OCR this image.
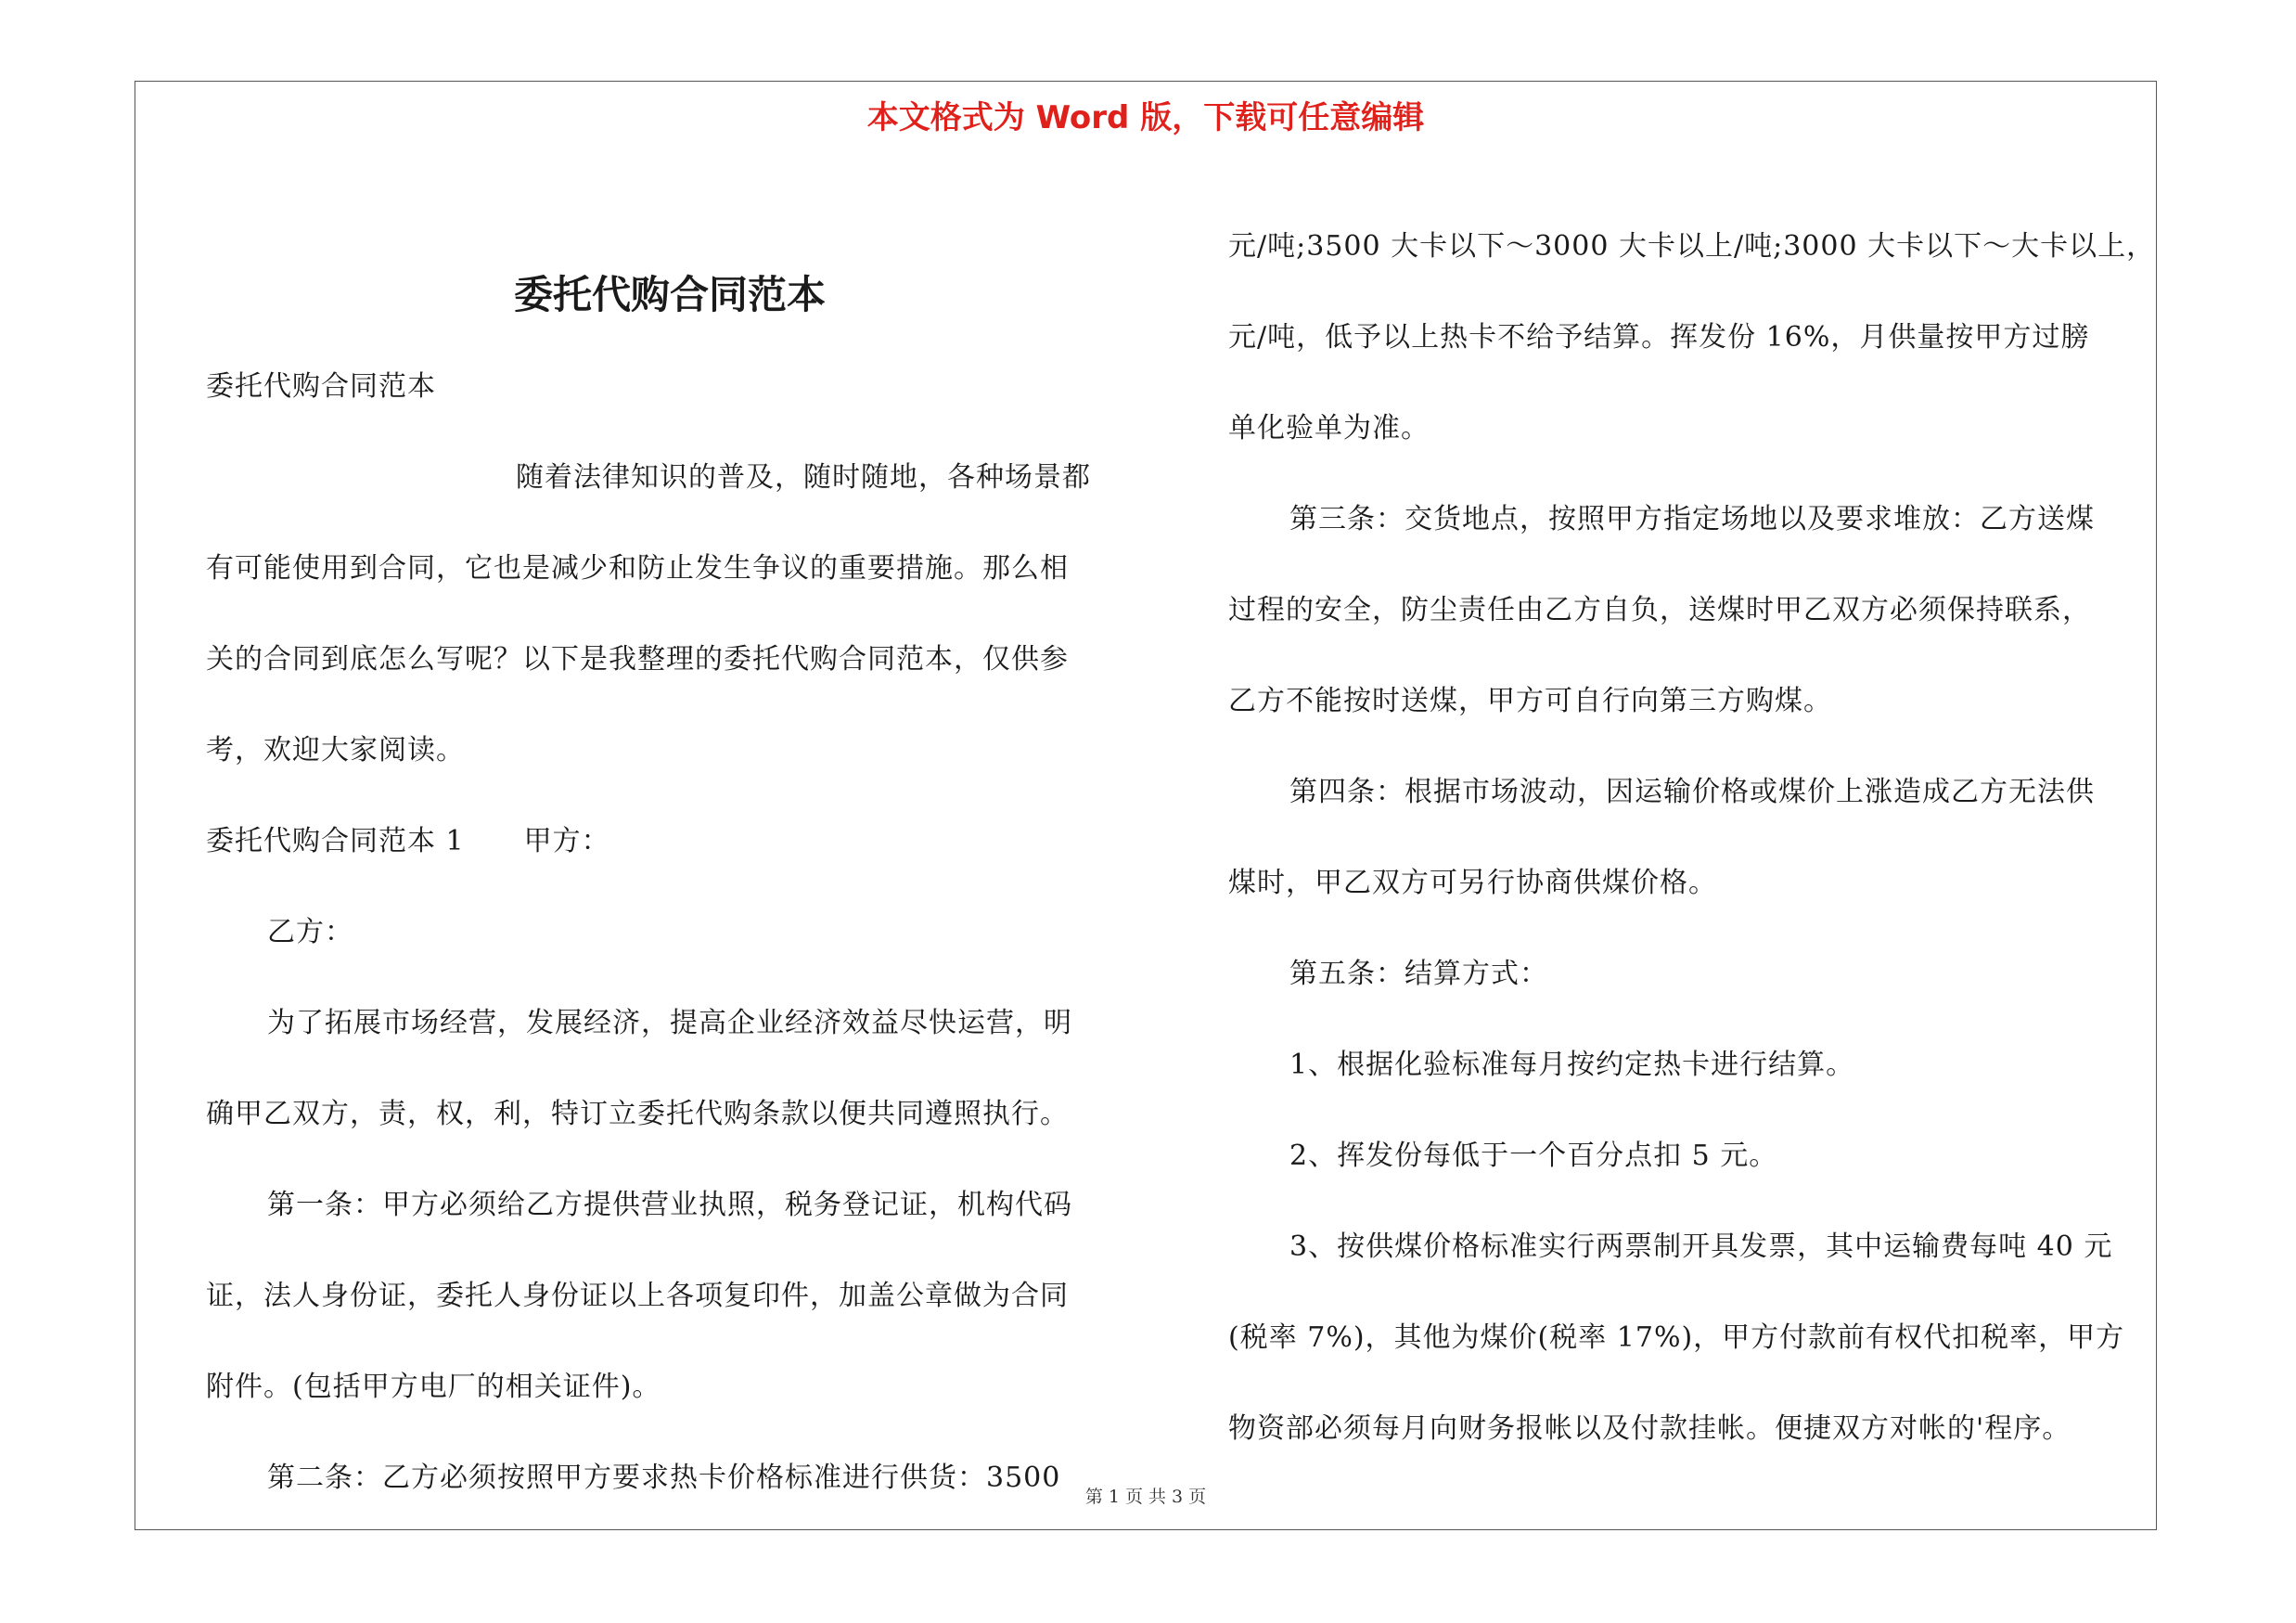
本文格式为 Word 版，下载可任意编辑
委托代购合同范本
委托代购合同范本
随着法律知识的普及，随时随地，各种场景都
有可能使用到合同，它也是减少和防止发生争议的重要措施。那么相
关的合同到底怎么写呢？以下是我整理的委托代购合同范本，仅供参
考，欢迎大家阅读。
委托代购合同范本 1 甲方：
乙方：
为了拓展市场经营，发展经济，提高企业经济效益尽快运营，明
确甲乙双方，责，权，利，特订立委托代购条款以便共同遵照执行。
第一条：甲方必须给乙方提供营业执照，税务登记证，机构代码
证，法人身份证，委托人身份证以上各项复印件，加盖公章做为合同
附件。(包括甲方电厂的相关证件)。
第二条：乙方必须按照甲方要求热卡价格标准进行供货：3500
元/吨;3500 大卡以下～3000 大卡以上/吨;3000 大卡以下～大卡以上，
元/吨，低予以上热卡不给予结算。挥发份 16%，月供量按甲方过膀
单化验单为准。
第三条：交货地点，按照甲方指定场地以及要求堆放：乙方送煤
过程的安全，防尘责任由乙方自负，送煤时甲乙双方必须保持联系，
乙方不能按时送煤，甲方可自行向第三方购煤。
第四条：根据市场波动，因运输价格或煤价上涨造成乙方无法供
煤时，甲乙双方可另行协商供煤价格。
第五条：结算方式：
1、根据化验标准每月按约定热卡进行结算。
2、挥发份每低于一个百分点扣 5 元。
3、按供煤价格标准实行两票制开具发票，其中运输费每吨 40 元
(税率 7%)，其他为煤价(税率 17%)，甲方付款前有权代扣税率，甲方
物资部必须每月向财务报帐以及付款挂帐。便捷双方对帐的'程序。
第 1 页 共 3 页
